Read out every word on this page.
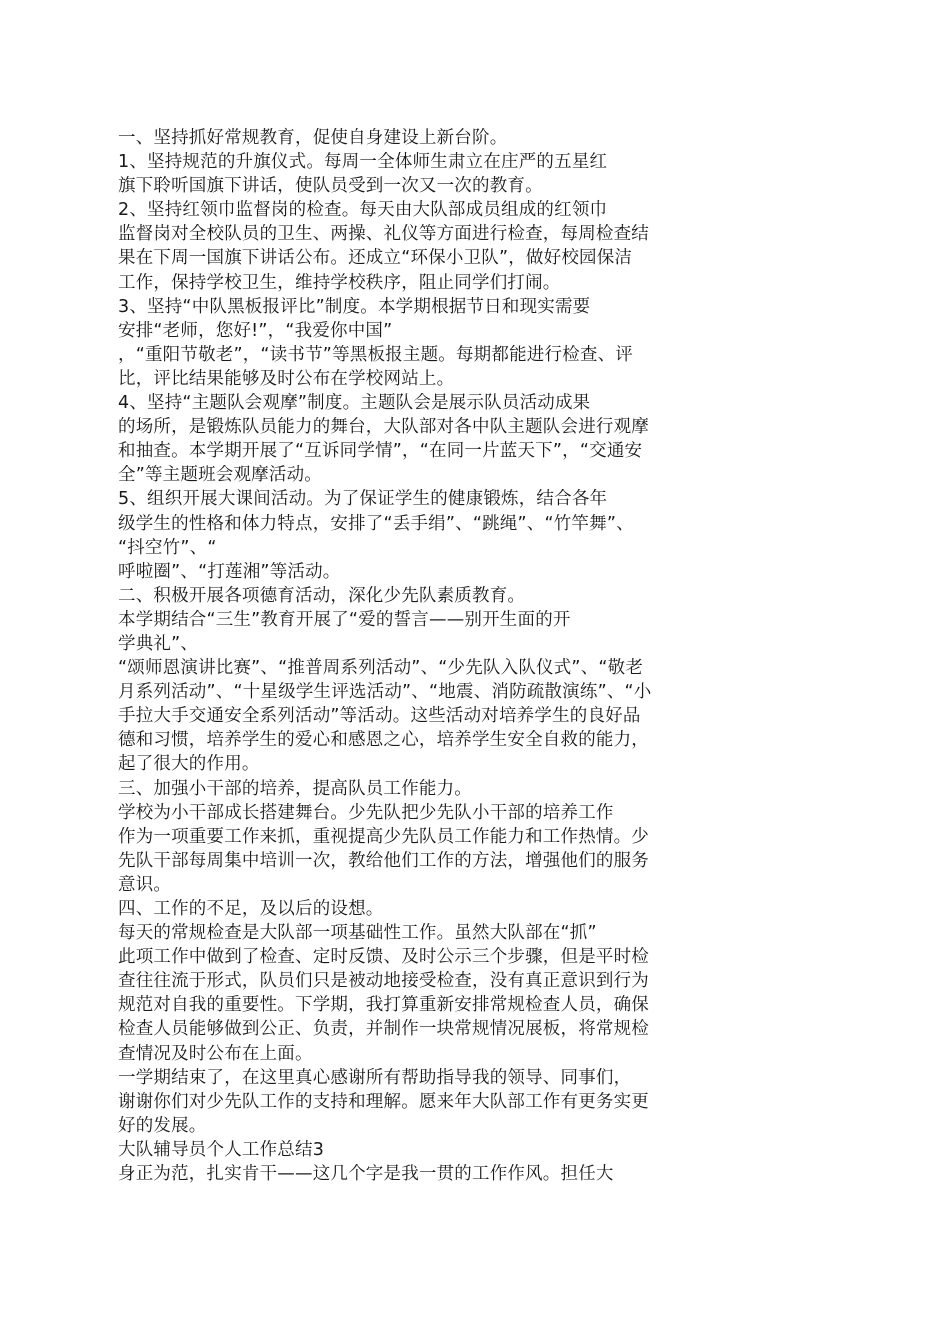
一、坚持抓好常规教育，促使自身建设上新台阶。
1、坚持规范的升旗仪式。每周一全体师生肃立在庄严的五星红
旗下聆听国旗下讲话，使队员受到一次又一次的教育。
2、坚持红领巾监督岗的检查。每天由大队部成员组成的红领巾
监督岗对全校队员的卫生、两操、礼仪等方面进行检查，每周检查结
果在下周一国旗下讲话公布。还成立“环保小卫队”，做好校园保洁
工作，保持学校卫生，维持学校秩序，阻止同学们打闹。
3、坚持“中队黑板报评比”制度。本学期根据节日和现实需要
安排“老师，您好!”，“我爱你中国”
，“重阳节敬老”，“读书节”等黑板报主题。每期都能进行检查、评
比，评比结果能够及时公布在学校网站上。
4、坚持“主题队会观摩”制度。主题队会是展示队员活动成果
的场所，是锻炼队员能力的舞台，大队部对各中队主题队会进行观摩
和抽查。本学期开展了“互诉同学情”，“在同一片蓝天下”，“交通安
全”等主题班会观摩活动。
5、组织开展大课间活动。为了保证学生的健康锻炼，结合各年
级学生的性格和体力特点，安排了“丢手绢”、“跳绳”、“竹竿舞”、
“抖空竹”、“
呼啦圈”、“打莲湘”等活动。
二、积极开展各项德育活动，深化少先队素质教育。
本学期结合“三生”教育开展了“爱的誓言——别开生面的开
学典礼”、
“颂师恩演讲比赛”、“推普周系列活动”、“少先队入队仪式”、“敬老
月系列活动”、“十星级学生评选活动”、“地震、消防疏散演练”、“小
手拉大手交通安全系列活动”等活动。这些活动对培养学生的良好品
德和习惯，培养学生的爱心和感恩之心，培养学生安全自救的能力，
起了很大的作用。
三、加强小干部的培养，提高队员工作能力。
学校为小干部成长搭建舞台。少先队把少先队小干部的培养工作
作为一项重要工作来抓，重视提高少先队员工作能力和工作热情。少
先队干部每周集中培训一次，教给他们工作的方法，增强他们的服务
意识。
四、工作的不足，及以后的设想。
每天的常规检查是大队部一项基础性工作。虽然大队部在“抓”
此项工作中做到了检查、定时反馈、及时公示三个步骤，但是平时检
查往往流于形式，队员们只是被动地接受检查，没有真正意识到行为
规范对自我的重要性。下学期，我打算重新安排常规检查人员，确保
检查人员能够做到公正、负责，并制作一块常规情况展板，将常规检
查情况及时公布在上面。
一学期结束了，在这里真心感谢所有帮助指导我的领导、同事们，
谢谢你们对少先队工作的支持和理解。愿来年大队部工作有更务实更
好的发展。
大队辅导员个人工作总结3
身正为范，扎实肯干——这几个字是我一贯的工作作风。担任大
